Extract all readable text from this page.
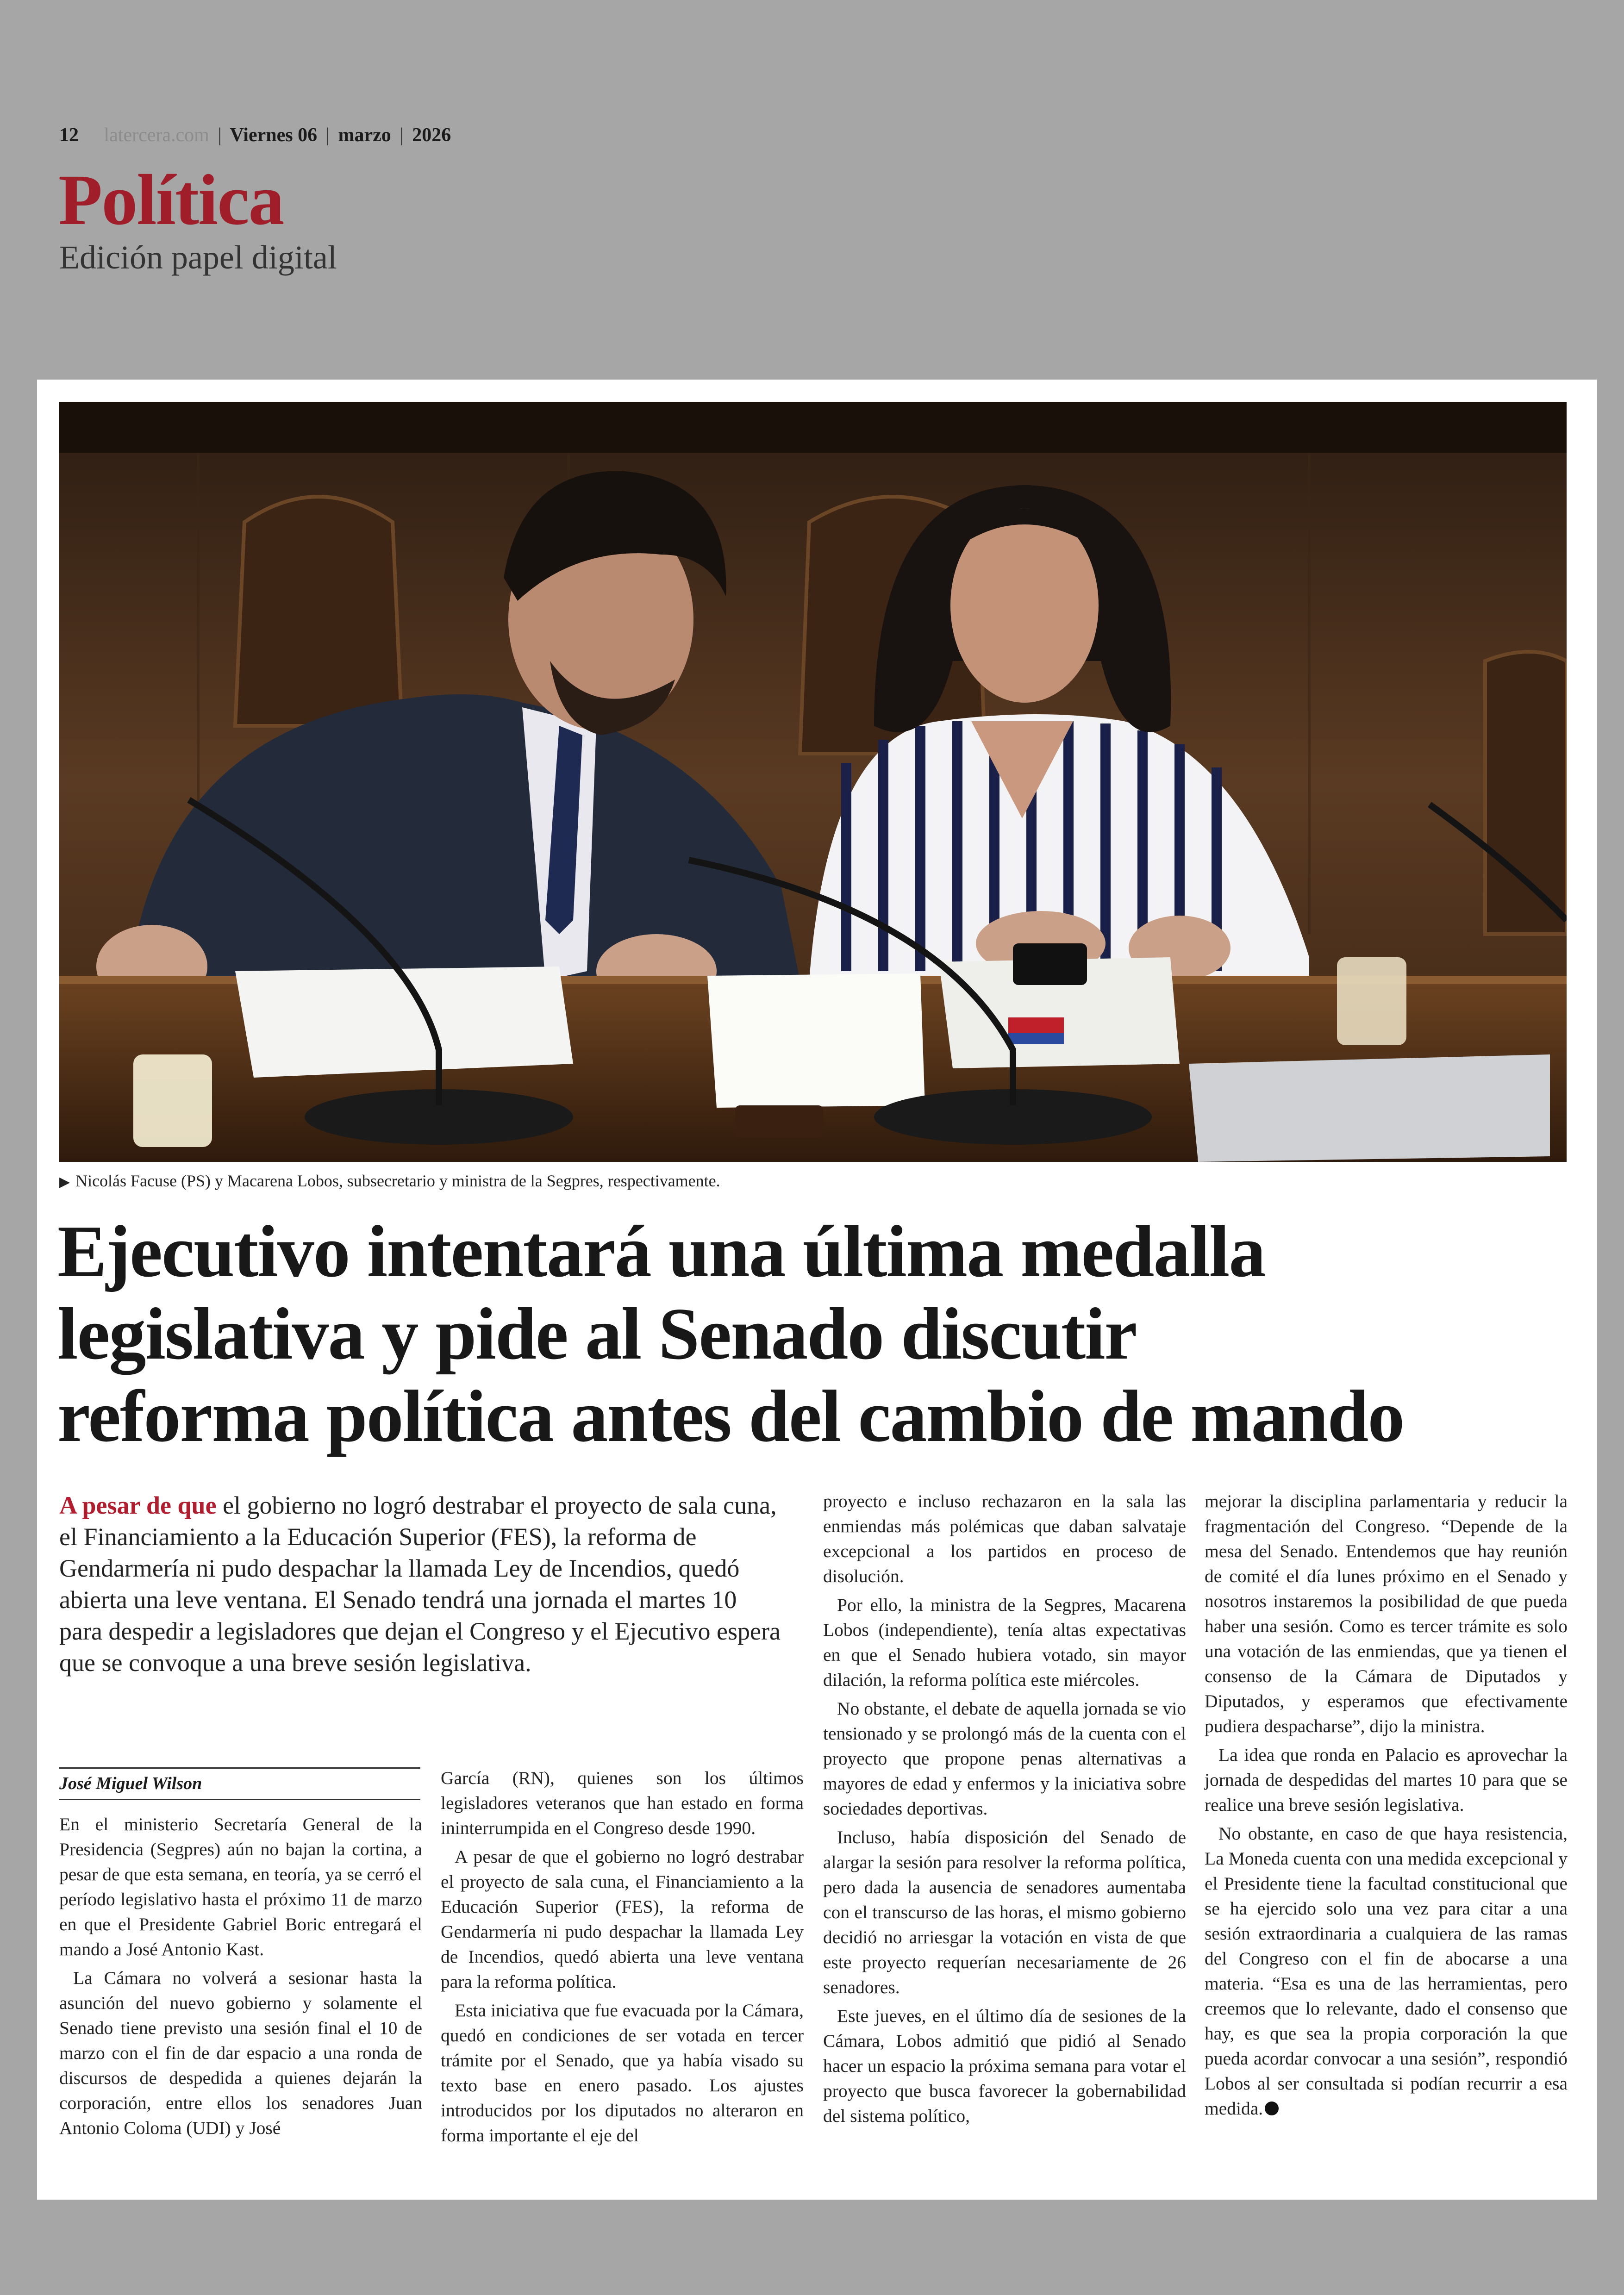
12 latercera.com | Viernes 06 | marzo | 2026
Política
Edición papel digital
▶ Nicolás Facuse (PS) y Macarena Lobos, subsecretario y ministra de la Segpres, respectivamente.
Ejecutivo intentará una última medalla
legislativa y pide al Senado discutir
reforma política antes del cambio de mando
A pesar de que el gobierno no logró destrabar el proyecto de sala cuna, el Financiamiento a la Educación Superior (FES), la reforma de Gendarmería ni pudo despachar la llamada Ley de Incendios, quedó abierta una leve ventana. El Senado tendrá una jornada el martes 10 para despedir a legisladores que dejan el Congreso y el Ejecutivo espera que se convoque a una breve sesión legislativa.
José Miguel Wilson

En el ministerio Secretaría General de la Presidencia (Segpres) aún no bajan la cortina, a pesar de que esta semana, en teoría, ya se cerró el período legislativo hasta el próximo 11 de marzo en que el Presidente Gabriel Boric entregará el mando a José Antonio Kast.

La Cámara no volverá a sesionar hasta la asunción del nuevo gobierno y solamente el Senado tiene previsto una sesión final el 10 de marzo con el fin de dar espacio a una ronda de discursos de despedida a quienes dejarán la corporación, entre ellos los senadores Juan Antonio Coloma (UDI) y José

García (RN), quienes son los últimos legisladores veteranos que han estado en forma ininterrumpida en el Congreso desde 1990.

A pesar de que el gobierno no logró destrabar el proyecto de sala cuna, el Financiamiento a la Educación Superior (FES), la reforma de Gendarmería ni pudo despachar la llamada Ley de Incendios, quedó abierta una leve ventana para la reforma política.

Esta iniciativa que fue evacuada por la Cámara, quedó en condiciones de ser votada en tercer trámite por el Senado, que ya había visado su texto base en enero pasado. Los ajustes introducidos por los diputados no alteraron en forma importante el eje del

proyecto e incluso rechazaron en la sala las enmiendas más polémicas que daban salvataje excepcional a los partidos en proceso de disolución.

Por ello, la ministra de la Segpres, Macarena Lobos (independiente), tenía altas expectativas en que el Senado hubiera votado, sin mayor dilación, la reforma política este miércoles.

No obstante, el debate de aquella jornada se vio tensionado y se prolongó más de la cuenta con el proyecto que propone penas alternativas a mayores de edad y enfermos y la iniciativa sobre sociedades deportivas.

Incluso, había disposición del Senado de alargar la sesión para resolver la reforma política, pero dada la ausencia de senadores aumentaba con el transcurso de las horas, el mismo gobierno decidió no arriesgar la votación en vista de que este proyecto requerían necesariamente de 26 senadores.

Este jueves, en el último día de sesiones de la Cámara, Lobos admitió que pidió al Senado hacer un espacio la próxima semana para votar el proyecto que busca favorecer la gobernabilidad del sistema político,

mejorar la disciplina parlamentaria y reducir la fragmentación del Congreso. “Depende de la mesa del Senado. Entendemos que hay reunión de comité el día lunes próximo en el Senado y nosotros instaremos la posibilidad de que pueda haber una sesión. Como es tercer trámite es solo una votación de las enmiendas, que ya tienen el consenso de la Cámara de Diputados y Diputados, y esperamos que efectivamente pudiera despacharse”, dijo la ministra.

La idea que ronda en Palacio es aprovechar la jornada de despedidas del martes 10 para que se realice una breve sesión legislativa.

No obstante, en caso de que haya resistencia, La Moneda cuenta con una medida excepcional y el Presidente tiene la facultad constitucional que se ha ejercido solo una vez para citar a una sesión extraordinaria a cualquiera de las ramas del Congreso con el fin de abocarse a una materia. “Esa es una de las herramientas, pero creemos que lo relevante, dado el consenso que hay, es que sea la propia corporación la que pueda acordar convocar a una sesión”, respondió Lobos al ser consultada si podían recurrir a esa medida.
